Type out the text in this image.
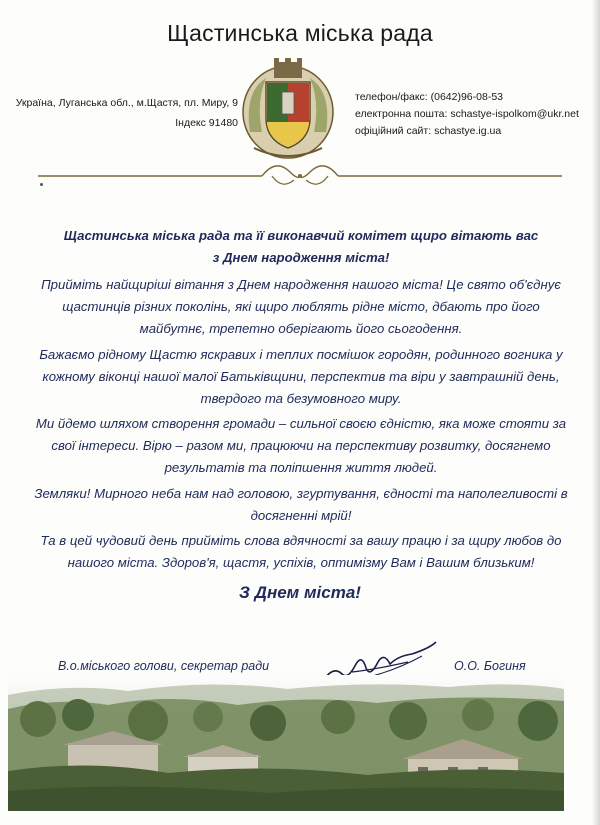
Щастинська міська рада
Україна, Луганська обл., м.Щастя, пл. Миру, 9
Індекс 91480
телефон/факс: (0642)96-08-53
електронна пошта: schastye-ispolkom@ukr.net
офіційний сайт: schastye.ig.ua
Щастинська міська рада та її виконавчий комітет щиро вітають вас
з Днем народження міста!
Прийміть найщиріші вітання з Днем народження нашого міста! Це свято об'єднує
щастинців різних поколінь, які щиро люблять рідне місто, дбають про його
майбутнє, трепетно оберігають його сьогодення.
Бажаємо рідному Щастю яскравих і теплих посмішок городян, родинного вогника у
кожному віконці нашої малої Батьківщини, перспектив та віри у завтрашній день,
твердого та безумовного миру.
Ми йдемо шляхом створення громади – сильної своєю єдністю, яка може стояти за
свої інтереси. Вірю – разом ми, працюючи на перспективу розвитку, досягнемо
результатів та поліпшення життя людей.
Земляки! Мирного неба нам над головою, згуртування, єдності та наполегливості в
досягненні мрій!
Та в цей чудовий день прийміть слова вдячності за вашу працю і за щиру любов до
нашого міста. Здоров'я, щастя, успіхів, оптимізму Вам і Вашим близьким!
З Днем міста!
В.о.міського голови, секретар ради	О.О. Богиня
